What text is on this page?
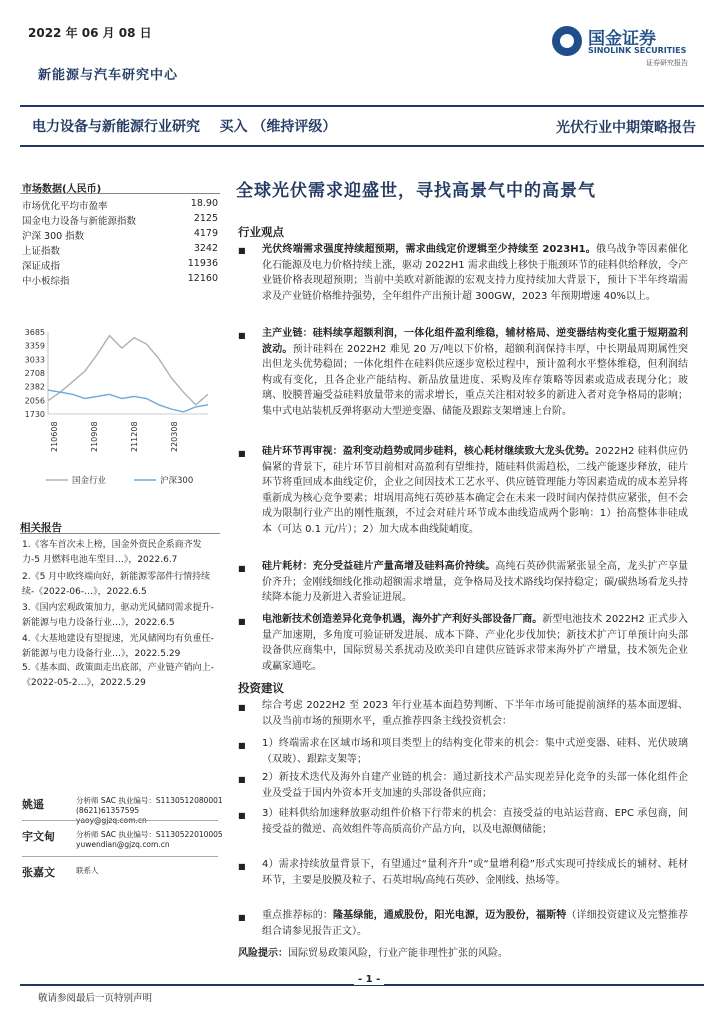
2022 年 06 月 08 日
新能源与汽车研究中心
国金证券
SINOLINK SECURITIES
证券研究报告
电力设备与新能源行业研究    买入 （维持评级）	光伏行业中期策略报告
市场数据(人民币)
市场优化平均市盈率	18.90
国金电力设备与新能源指数	2125
沪深 300 指数	4179
上证指数	3242
深证成指	11936
中小板综指	12160
3685
3359
3033
2708
2382
2056
1730
210608	210908	211208	220308
国金行业	沪深300
相关报告
1.《客车首次未上榜，国金外资民企系商齐发力-5 月燃料电池车型目…》，2022.6.7
2.《5 月中欧终端向好，新能源零部件行情持续续-《2022-06-…》，2022.6.5
3.《国内宏观政策加力，驱动光风储同需求提升-新能源与电力设备行业…》，2022.6.5
4.《大基地建设有望提速，光风储网均有负重任-新能源与电力设备行业…》，2022.5.29
5.《基本面、政策面走出底部，产业链产销向上-《2022-05-2…》，2022.5.29
姚遥	分析师 SAC 执业编号：S1130512080001
(8621)61357595
yaoy@gjzq.com.cn
宇文甸	分析师 SAC 执业编号：S1130522010005
yuwendian@gjzq.com.cn
张嘉文	联系人
全球光伏需求迎盛世，寻找高景气中的高景气
行业观点
■ 光伏终端需求强度持续超预期，需求曲线定价逻辑至少持续至 2023H1。俄乌战争等因素催化化石能源及电力价格持续上涨，驱动 2022H1 需求曲线上移快于瓶颈环节的硅料供给释放，令产业链价格表现超预期；当前中美欧对新能源的宏观支持力度持续加大背景下，预计下半年终端需求及产业链价格维持强势，全年组件产出预计超 300GW，2023 年预期增速 40%以上。
■ 主产业链：硅料续享超额利润，一体化组件盈利维稳，辅材格局、逆变器结构变化重于短期盈利波动。预计硅料在 2022H2 难见 20 万/吨以下价格，超额利润保持丰厚，中长期最周期属性突出但龙头优势稳固；一体化组件在硅料供应逐步宽松过程中，预计盈利水平整体维稳，但利润结构或有变化，且各企业产能结构、新品放量进度、采购及库存策略等因素或造成表现分化；玻璃、胶膜普遍受益硅料放量带来的需求增长，重点关注相对较多的新进入者对竞争格局的影响；集中式电站装机反弹将驱动大型逆变器、储能及跟踪支架增速上台阶。
■ 硅片环节再审视：盈利变动趋势或同步硅料，核心耗材继续致大龙头优势。2022H2 硅料供应仍偏紧的背景下，硅片环节目前相对高盈利有望维持，随硅料供需趋松，二线产能逐步释放，硅片环节将重回成本曲线定价，企业之间因技术工艺水平、供应链管理能力等因素造成的成本差异将重新成为核心竞争要素；坩埚用高纯石英砂基本确定会在未来一段时间内保持供应紧张，但不会成为限制行业产出的刚性瓶颈，不过会对硅片环节成本曲线造成两个影响：1）抬高整体非硅成本（可达 0.1 元/片）；2）加大成本曲线陡峭度。
■ 硅片耗材：充分受益硅片产量高增及硅料高价持续。高纯石英砂供需紧张显全高，龙头扩产享量价齐升；金刚线细线化推动超额需求增量，竞争格局及技术路线均保持稳定；碳/碳热场看龙头持续降本能力及新进入者验证进展。
■ 电池新技术创造差异化竞争机遇，海外扩产利好头部设备厂商。新型电池技术 2022H2 正式步入量产加速期，多角度可验证研发进展、成本下降、产业化步伐加快；新技术扩产订单预计向头部设备供应商集中，国际贸易关系扰动及欧美印自建供应链诉求带来海外扩产增量，技术领先企业或赢家通吃。
投资建议
■ 综合考虑 2022H2 至 2023 年行业基本面趋势判断、下半年市场可能提前演绎的基本面逻辑、以及当前市场的预期水平，重点推荐四条主线投资机会：
■ 1）终端需求在区域市场和项目类型上的结构变化带来的机会：集中式逆变器、硅料、光伏玻璃（双玻）、跟踪支架等；
■ 2）新技术迭代及海外自建产业链的机会：通过新技术产品实现差异化竞争的头部一体化组件企业及受益于国内外资本开支加速的头部设备供应商；
■ 3）硅料供给加速释放驱动组件价格下行带来的机会：直接受益的电站运营商、EPC 承包商，间接受益的微逆、高效组件等高质高价产品方向，以及电源侧储能；
■ 4）需求持续放量背景下，有望通过“量利齐升”或“量增利稳”形式实现可持续成长的辅材、耗材环节，主要是胶膜及粒子、石英坩埚/高纯石英砂、金刚线、热场等。
■ 重点推荐标的：隆基绿能，通威股份，阳光电源，迈为股份，福斯特（详细投资建议及完整推荐组合请参见报告正文）。
风险提示：国际贸易政策风险，行业产能非理性扩张的风险。
- 1 -
敬请参阅最后一页特别声明
